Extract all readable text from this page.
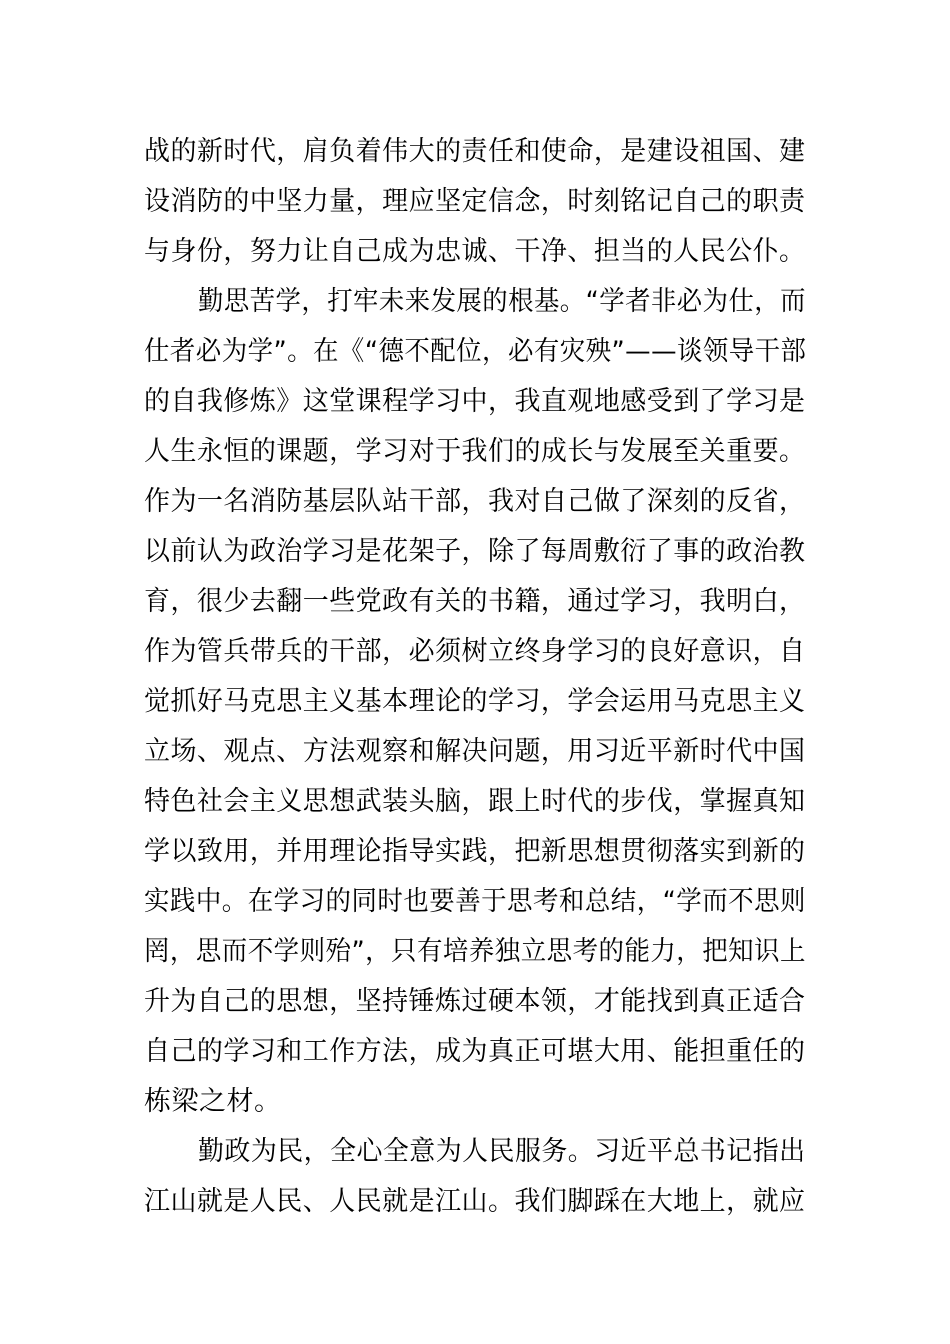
战的新时代，肩负着伟大的责任和使命，是建设祖国、建
设消防的中坚力量，理应坚定信念，时刻铭记自己的职责
与身份，努力让自己成为忠诚、干净、担当的人民公仆。
勤思苦学，打牢未来发展的根基。“学者非必为仕，而
仕者必为学”。在《“德不配位，必有灾殃”——谈领导干部
的自我修炼》这堂课程学习中，我直观地感受到了学习是
人生永恒的课题，学习对于我们的成长与发展至关重要。
作为一名消防基层队站干部，我对自己做了深刻的反省，
以前认为政治学习是花架子，除了每周敷衍了事的政治教
育，很少去翻一些党政有关的书籍，通过学习，我明白，
作为管兵带兵的干部，必须树立终身学习的良好意识，自
觉抓好马克思主义基本理论的学习，学会运用马克思主义
立场、观点、方法观察和解决问题，用习近平新时代中国
特色社会主义思想武装头脑，跟上时代的步伐，掌握真知
学以致用，并用理论指导实践，把新思想贯彻落实到新的
实践中。在学习的同时也要善于思考和总结，“学而不思则
罔，思而不学则殆”，只有培养独立思考的能力，把知识上
升为自己的思想，坚持锤炼过硬本领，才能找到真正适合
自己的学习和工作方法，成为真正可堪大用、能担重任的
栋梁之材。
勤政为民，全心全意为人民服务。习近平总书记指出
江山就是人民、人民就是江山。我们脚踩在大地上，就应
